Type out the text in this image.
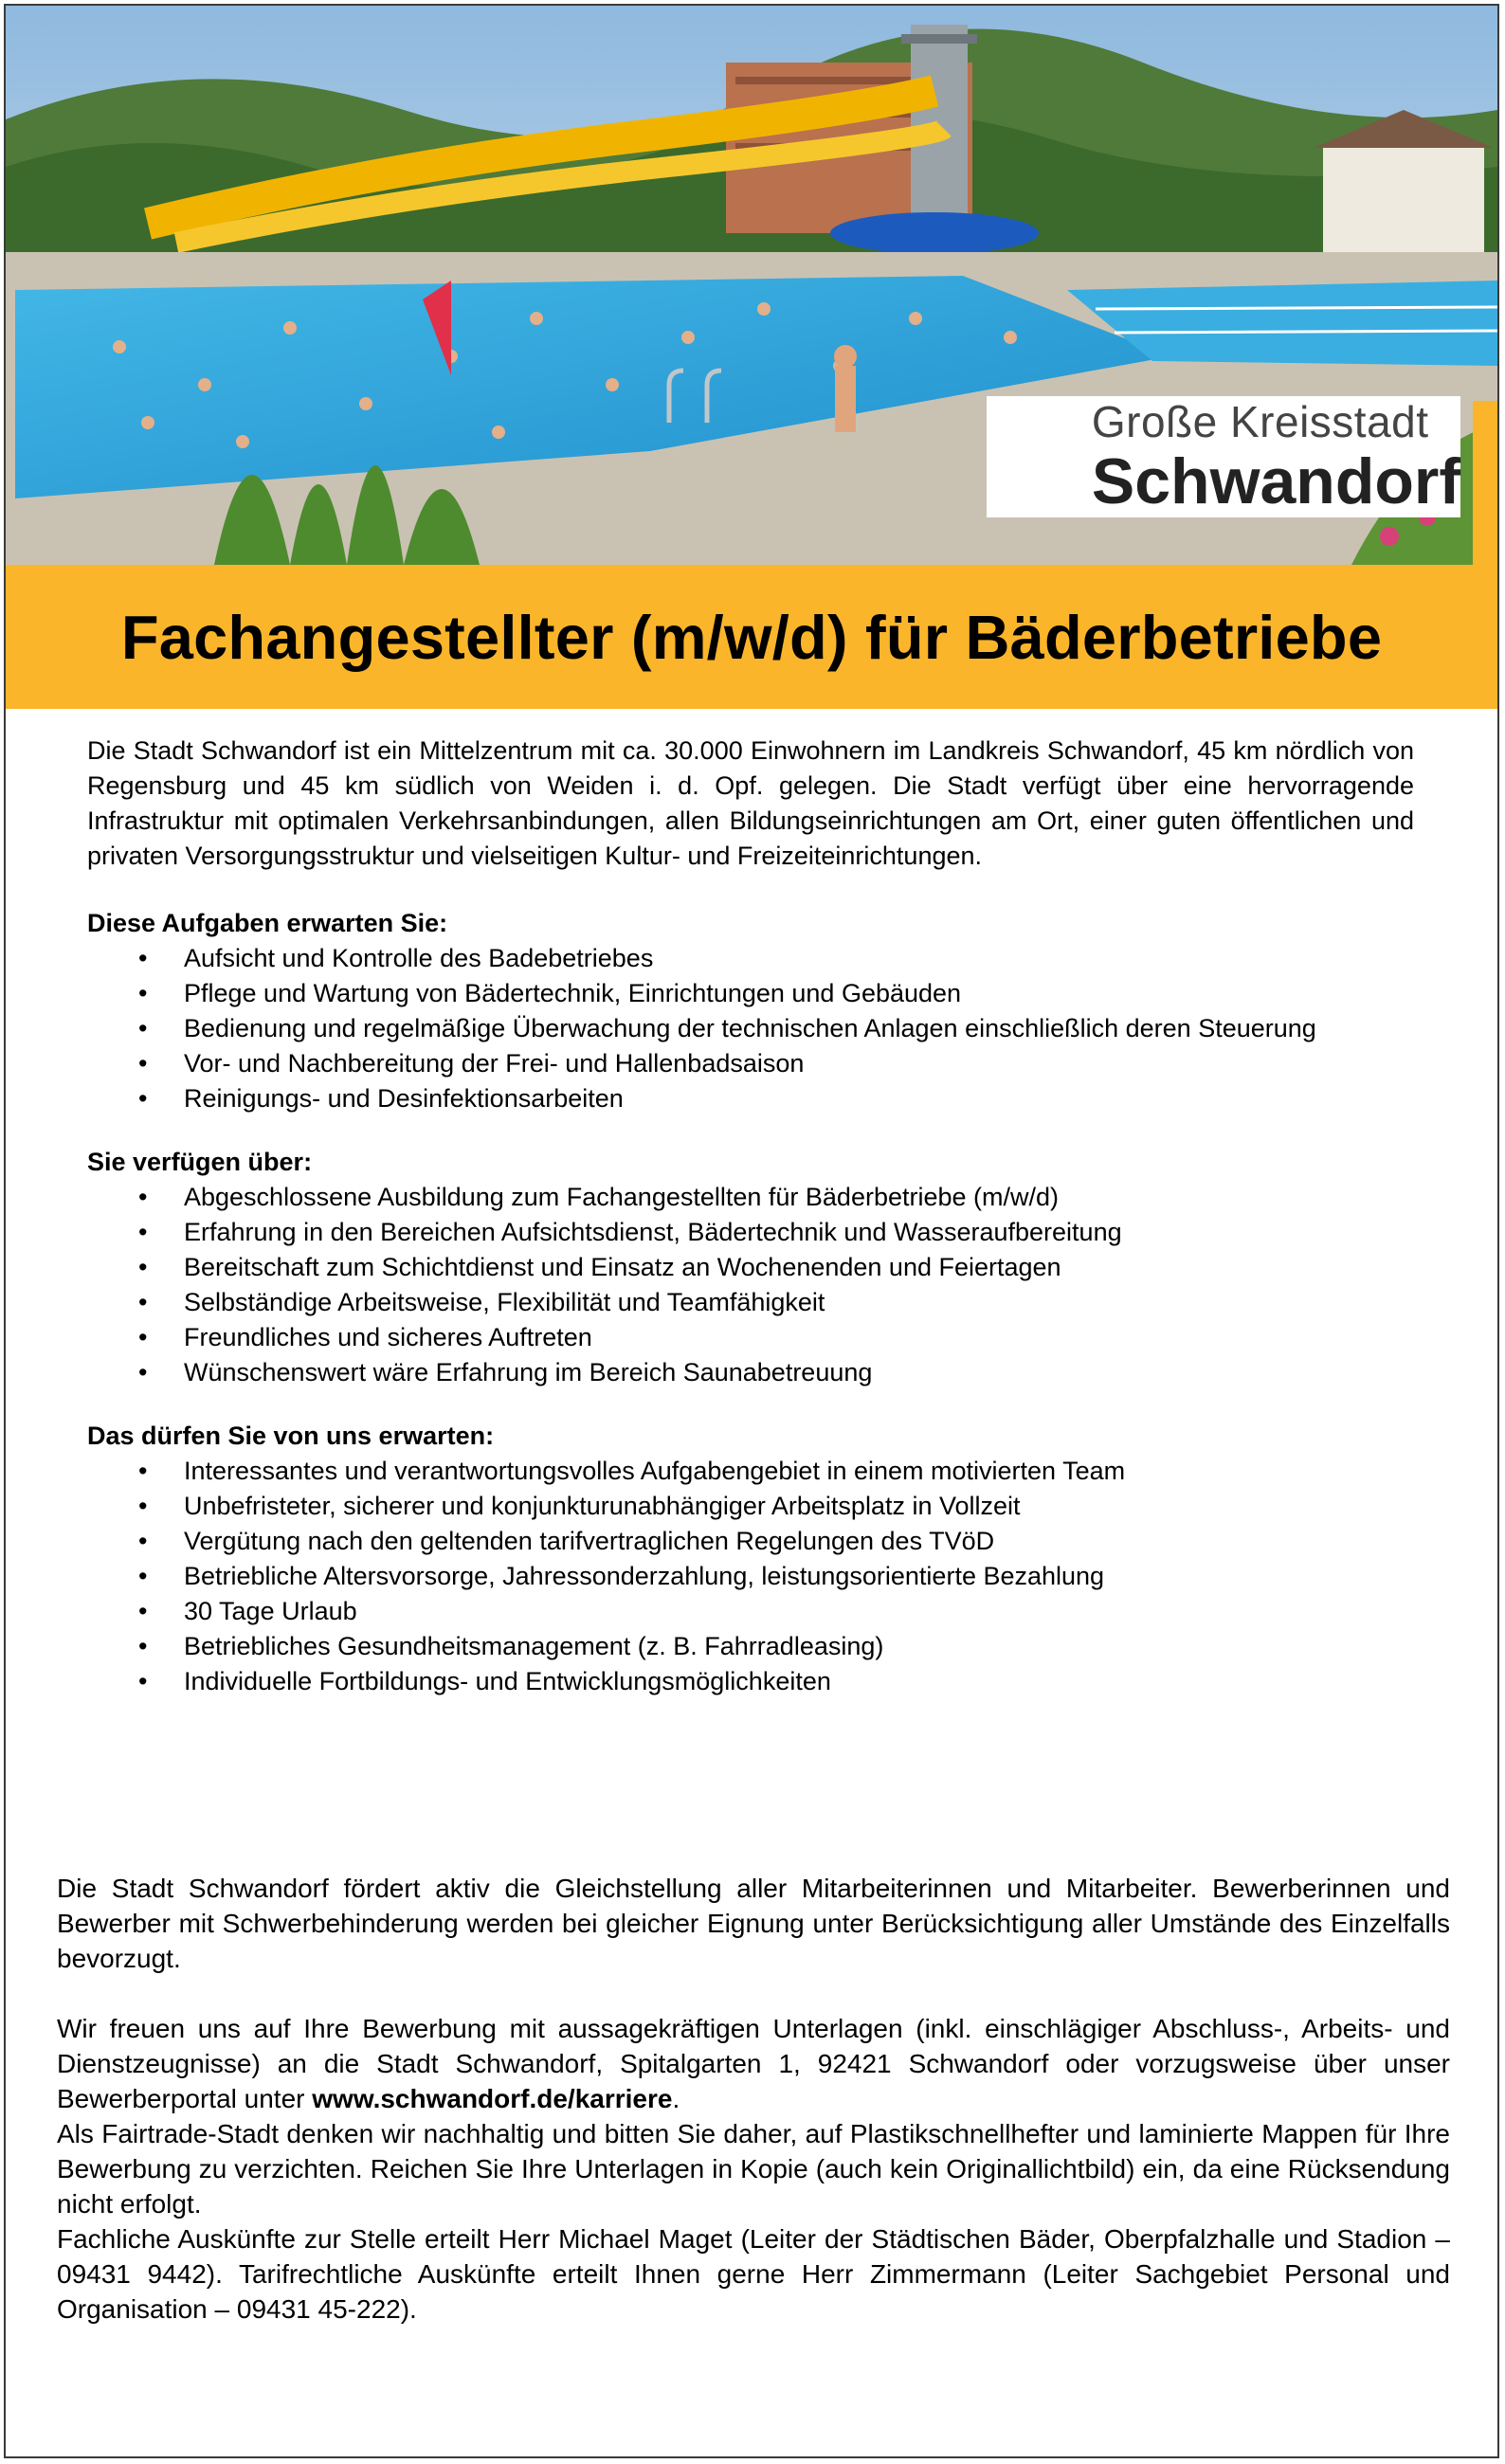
Große Kreisstadt
Schwandorf
Fachangestellter (m/w/d) für Bäderbetriebe

Die Stadt Schwandorf ist ein Mittelzentrum mit ca. 30.000 Einwohnern im Landkreis Schwandorf, 45 km nördlich von Regensburg und 45 km südlich von Weiden i. d. Opf. gelegen. Die Stadt verfügt über eine hervorragende Infrastruktur mit optimalen Verkehrsanbindungen, allen Bildungseinrichtungen am Ort, einer guten öffentlichen und privaten Versorgungsstruktur und vielseitigen Kultur- und Freizeiteinrichtungen.

Diese Aufgaben erwarten Sie:

• Aufsicht und Kontrolle des Badebetriebes
• Pflege und Wartung von Bädertechnik, Einrichtungen und Gebäuden
• Bedienung und regelmäßige Überwachung der technischen Anlagen einschließlich deren Steuerung
• Vor- und Nachbereitung der Frei- und Hallenbadsaison
• Reinigungs- und Desinfektionsarbeiten

Sie verfügen über:

• Abgeschlossene Ausbildung zum Fachangestellten für Bäderbetriebe (m/w/d)
• Erfahrung in den Bereichen Aufsichtsdienst, Bädertechnik und Wasseraufbereitung
• Bereitschaft zum Schichtdienst und Einsatz an Wochenenden und Feiertagen
• Selbständige Arbeitsweise, Flexibilität und Teamfähigkeit
• Freundliches und sicheres Auftreten
• Wünschenswert wäre Erfahrung im Bereich Saunabetreuung

Das dürfen Sie von uns erwarten:

• Interessantes und verantwortungsvolles Aufgabengebiet in einem motivierten Team
• Unbefristeter, sicherer und konjunkturunabhängiger Arbeitsplatz in Vollzeit
• Vergütung nach den geltenden tarifvertraglichen Regelungen des TVöD
• Betriebliche Altersvorsorge, Jahressonderzahlung, leistungsorientierte Bezahlung
• 30 Tage Urlaub
• Betriebliches Gesundheitsmanagement (z. B. Fahrradleasing)
• Individuelle Fortbildungs- und Entwicklungsmöglichkeiten

Die Stadt Schwandorf fördert aktiv die Gleichstellung aller Mitarbeiterinnen und Mitarbeiter. Bewerberinnen und Bewerber mit Schwerbehinderung werden bei gleicher Eignung unter Berücksichtigung aller Umstände des Einzelfalls bevorzugt.

Wir freuen uns auf Ihre Bewerbung mit aussagekräftigen Unterlagen (inkl. einschlägiger Abschluss-, Arbeits- und Dienstzeugnisse) an die Stadt Schwandorf, Spitalgarten 1, 92421 Schwandorf oder vorzugsweise über unser Bewerberportal unter www.schwandorf.de/karriere.

Als Fairtrade-Stadt denken wir nachhaltig und bitten Sie daher, auf Plastikschnellhefter und laminierte Mappen für Ihre Bewerbung zu verzichten. Reichen Sie Ihre Unterlagen in Kopie (auch kein Originallichtbild) ein, da eine Rücksendung nicht erfolgt.

Fachliche Auskünfte zur Stelle erteilt Herr Michael Maget (Leiter der Städtischen Bäder, Oberpfalzhalle und Stadion – 09431 9442). Tarifrechtliche Auskünfte erteilt Ihnen gerne Herr Zimmermann (Leiter Sachgebiet Personal und Organisation – 09431 45-222).
